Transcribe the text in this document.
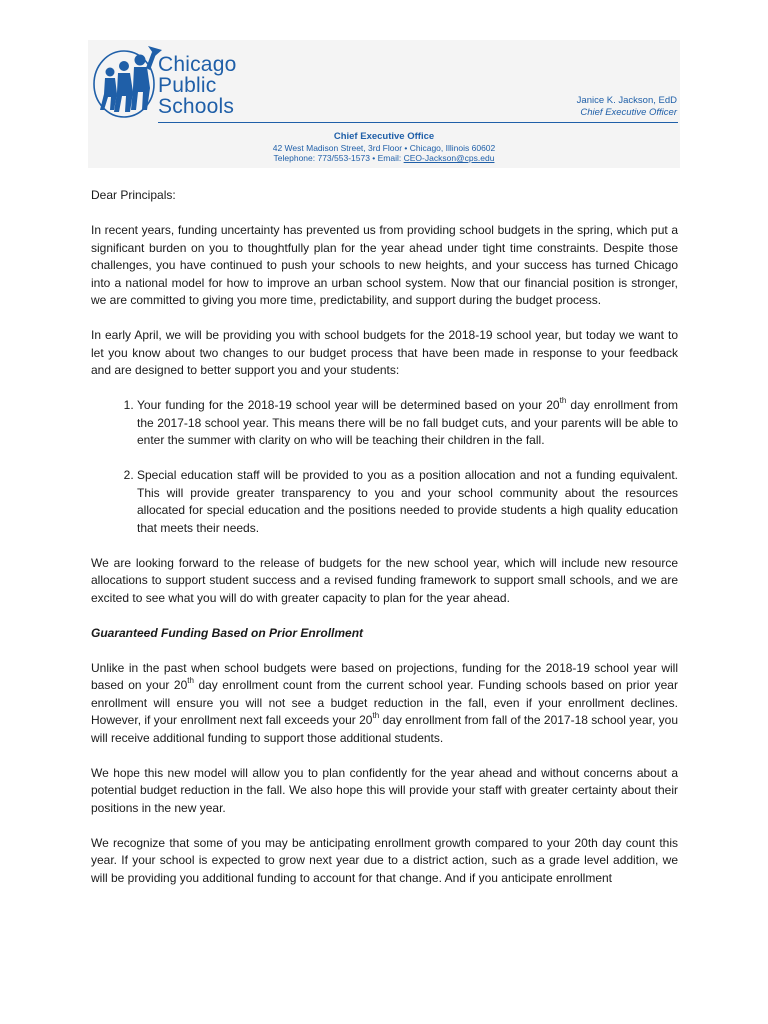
Chicago
Public
Schools	Janice K. Jackson, EdD
Chief Executive Officer
Chief Executive Office
42 West Madison Street, 3rd Floor • Chicago, Illinois 60602
Telephone: 773/553-1573 • Email: CEO-Jackson@cps.edu

Dear Principals:

In recent years, funding uncertainty has prevented us from providing school budgets in the spring, which put a significant burden on you to thoughtfully plan for the year ahead under tight time constraints. Despite those challenges, you have continued to push your schools to new heights, and your success has turned Chicago into a national model for how to improve an urban school system. Now that our financial position is stronger, we are committed to giving you more time, predictability, and support during the budget process.

In early April, we will be providing you with school budgets for the 2018-19 school year, but today we want to let you know about two changes to our budget process that have been made in response to your feedback and are designed to better support you and your students:

1. Your funding for the 2018-19 school year will be determined based on your 20th day enrollment from the 2017-18 school year. This means there will be no fall budget cuts, and your parents will be able to enter the summer with clarity on who will be teaching their children in the fall.
2. Special education staff will be provided to you as a position allocation and not a funding equivalent. This will provide greater transparency to you and your school community about the resources allocated for special education and the positions needed to provide students a high quality education that meets their needs.

We are looking forward to the release of budgets for the new school year, which will include new resource allocations to support student success and a revised funding framework to support small schools, and we are excited to see what you will do with greater capacity to plan for the year ahead.

Guaranteed Funding Based on Prior Enrollment

Unlike in the past when school budgets were based on projections, funding for the 2018-19 school year will based on your 20th day enrollment count from the current school year. Funding schools based on prior year enrollment will ensure you will not see a budget reduction in the fall, even if your enrollment declines. However, if your enrollment next fall exceeds your 20th day enrollment from fall of the 2017-18 school year, you will receive additional funding to support those additional students.

We hope this new model will allow you to plan confidently for the year ahead and without concerns about a potential budget reduction in the fall. We also hope this will provide your staff with greater certainty about their positions in the new year.

We recognize that some of you may be anticipating enrollment growth compared to your 20th day count this year. If your school is expected to grow next year due to a district action, such as a grade level addition, we will be providing you additional funding to account for that change. And if you anticipate enrollment
